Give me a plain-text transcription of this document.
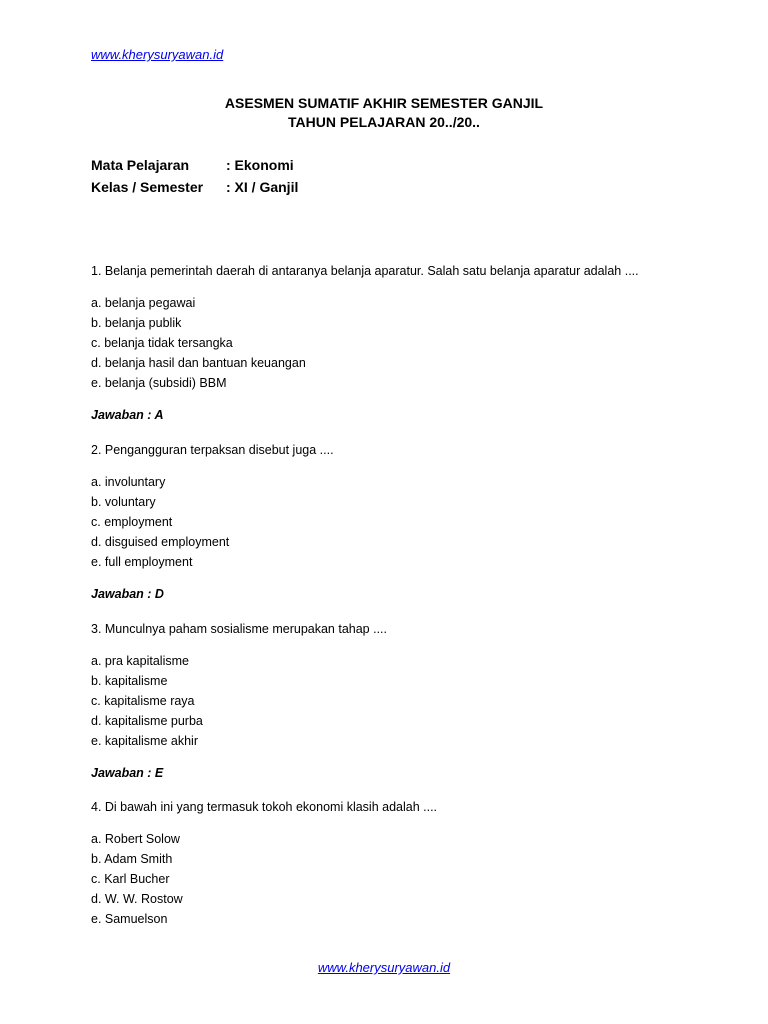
www.kherysuryawan.id
ASESMEN SUMATIF AKHIR SEMESTER GANJIL
TAHUN PELAJARAN 20../20..
Mata Pelajaran	: Ekonomi
Kelas / Semester : XI / Ganjil

1. Belanja pemerintah daerah di antaranya belanja aparatur. Salah satu belanja aparatur adalah ....

a. belanja pegawai

b. belanja publik

c. belanja tidak tersangka

d. belanja hasil dan bantuan keuangan

e. belanja (subsidi) BBM

Jawaban : A

2. Pengangguran terpaksan disebut juga ....

a. involuntary

b. voluntary

c. employment

d. disguised employment

e. full employment

Jawaban : D

3. Munculnya paham sosialisme merupakan tahap ....

a. pra kapitalisme

b. kapitalisme

c. kapitalisme raya

d. kapitalisme purba

e. kapitalisme akhir

Jawaban : E

4. Di bawah ini yang termasuk tokoh ekonomi klasih adalah ....

a. Robert Solow

b. Adam Smith

c. Karl Bucher

d. W. W. Rostow

e. Samuelson

www.kherysuryawan.id
